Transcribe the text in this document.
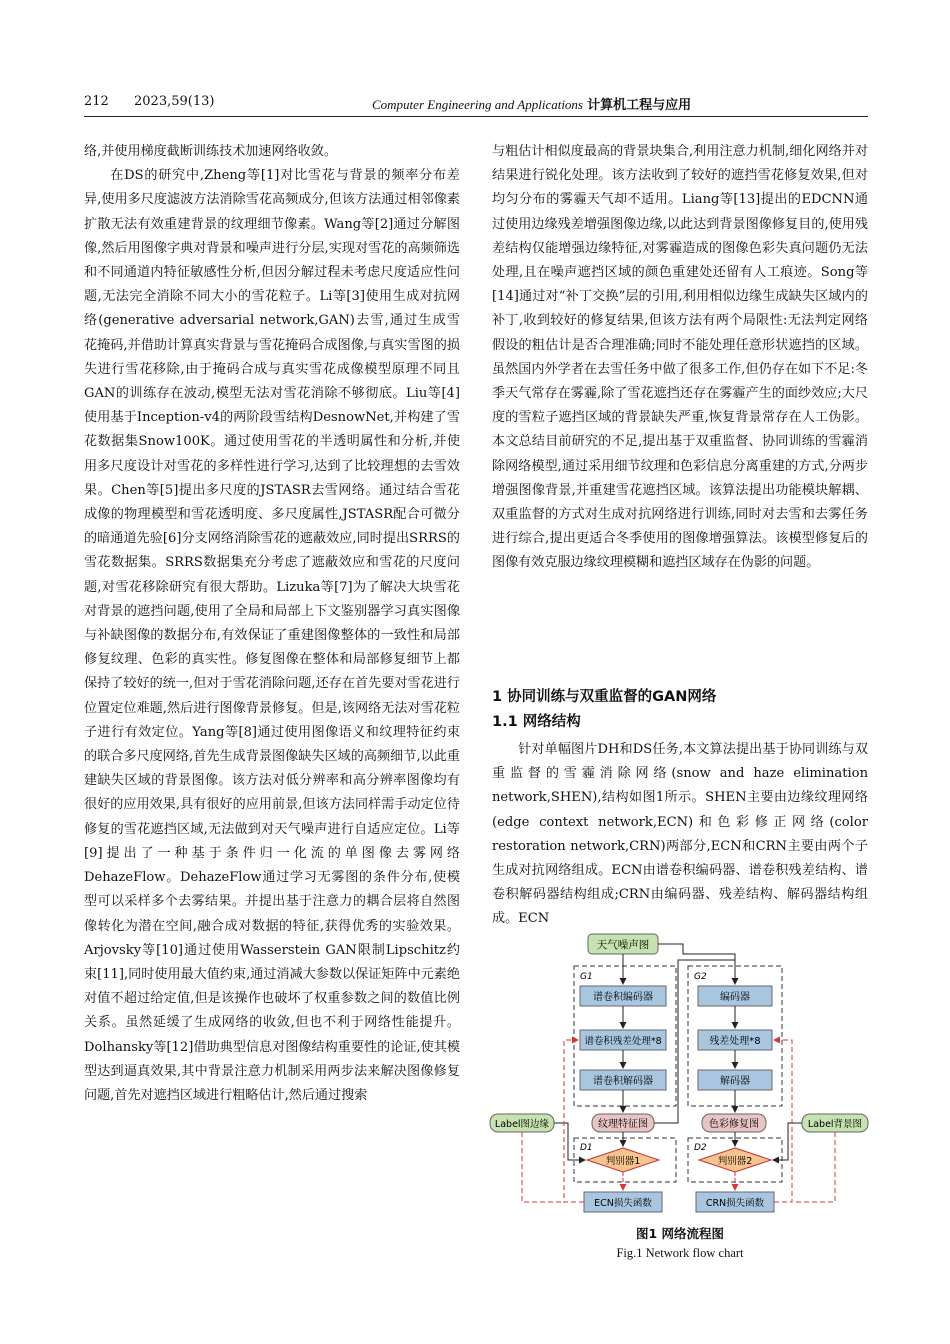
212 2023,59(13)	Computer Engineering and Applications 计算机工程与应用

络,并使用梯度截断训练技术加速网络收敛。

在DS的研究中,Zheng等[1]对比雪花与背景的频率分布差异,使用多尺度滤波方法消除雪花高频成分,但该方法通过相邻像素扩散无法有效重建背景的纹理细节像素。Wang等[2]通过分解图像,然后用图像字典对背景和噪声进行分层,实现对雪花的高频筛选和不同通道内特征敏感性分析,但因分解过程未考虑尺度适应性问题,无法完全消除不同大小的雪花粒子。Li等[3]使用生成对抗网络(generative adversarial network,GAN)去雪,通过生成雪花掩码,并借助计算真实背景与雪花掩码合成图像,与真实雪图的损失进行雪花移除,由于掩码合成与真实雪花成像模型原理不同且GAN的训练存在波动,模型无法对雪花消除不够彻底。Liu等[4]使用基于Inception-v4的两阶段雪结构DesnowNet,并构建了雪花数据集Snow100K。通过使用雪花的半透明属性和分析,并使用多尺度设计对雪花的多样性进行学习,达到了比较理想的去雪效果。Chen等[5]提出多尺度的JSTASR去雪网络。通过结合雪花成像的物理模型和雪花透明度、多尺度属性,JSTASR配合可微分的暗通道先验[6]分支网络消除雪花的遮蔽效应,同时提出SRRS的雪花数据集。SRRS数据集充分考虑了遮蔽效应和雪花的尺度问题,对雪花移除研究有很大帮助。Lizuka等[7]为了解决大块雪花对背景的遮挡问题,使用了全局和局部上下文鉴别器学习真实图像与补缺图像的数据分布,有效保证了重建图像整体的一致性和局部修复纹理、色彩的真实性。修复图像在整体和局部修复细节上都保持了较好的统一,但对于雪花消除问题,还存在首先要对雪花进行位置定位难题,然后进行图像背景修复。但是,该网络无法对雪花粒子进行有效定位。Yang等[8]通过使用图像语义和纹理特征约束的联合多尺度网络,首先生成背景图像缺失区域的高频细节,以此重建缺失区域的背景图像。该方法对低分辨率和高分辨率图像均有很好的应用效果,具有很好的应用前景,但该方法同样需手动定位待修复的雪花遮挡区域,无法做到对天气噪声进行自适应定位。Li等[9]提出了一种基于条件归一化流的单图像去雾网络DehazeFlow。DehazeFlow通过学习无雾图的条件分布,使模型可以采样多个去雾结果。并提出基于注意力的耦合层将自然图像转化为潜在空间,融合成对数据的特征,获得优秀的实验效果。Arjovsky等[10]通过使用Wasserstein GAN限制Lipschitz约束[11],同时使用最大值约束,通过消减大参数以保证矩阵中元素绝对值不超过给定值,但是该操作也破坏了权重参数之间的数值比例关系。虽然延缓了生成网络的收敛,但也不利于网络性能提升。Dolhansky等[12]借助典型信息对图像结构重要性的论证,使其模型达到逼真效果,其中背景注意力机制采用两步法来解决图像修复问题,首先对遮挡区域进行粗略估计,然后通过搜索

与粗估计相似度最高的背景块集合,利用注意力机制,细化网络并对结果进行锐化处理。该方法收到了较好的遮挡雪花修复效果,但对均匀分布的雾霾天气却不适用。Liang等[13]提出的EDCNN通过使用边缘残差增强图像边缘,以此达到背景图像修复目的,使用残差结构仅能增强边缘特征,对雾霾造成的图像色彩失真问题仍无法处理,且在噪声遮挡区域的颜色重建处还留有人工痕迹。Song等[14]通过对“补丁交换”层的引用,利用相似边缘生成缺失区域内的补丁,收到较好的修复结果,但该方法有两个局限性:无法判定网络假设的粗估计是否合理准确;同时不能处理任意形状遮挡的区域。虽然国内外学者在去雪任务中做了很多工作,但仍存在如下不足:冬季天气常存在雾霾,除了雪花遮挡还存在雾霾产生的面纱效应;大尺度的雪粒子遮挡区域的背景缺失严重,恢复背景常存在人工伪影。本文总结目前研究的不足,提出基于双重监督、协同训练的雪霾消除网络模型,通过采用细节纹理和色彩信息分离重建的方式,分两步增强图像背景,并重建雪花遮挡区域。该算法提出功能模块解耦、双重监督的方式对生成对抗网络进行训练,同时对去雪和去雾任务进行综合,提出更适合冬季使用的图像增强算法。该模型修复后的图像有效克服边缘纹理模糊和遮挡区域存在伪影的问题。

1 协同训练与双重监督的GAN网络
1.1 网络结构
针对单幅图片DH和DS任务,本文算法提出基于协同训练与双重监督的雪霾消除网络(snow and haze elimination network,SHEN),结构如图1所示。SHEN主要由边缘纹理网络(edge context network,ECN)和色彩修正网络(color restoration network,CRN)两部分,ECN和CRN主要由两个子生成对抗网络组成。ECN由谱卷积编码器、谱卷积残差结构、谱卷积解码器结构组成;CRN由编码器、残差结构、解码器结构组成。ECN
天气噪声图
G1	G2
谱卷积编码器
谱卷积残差处理*8
谱卷积解码器
编码器
残差处理*8
解码器
纹理特征图	色彩修复图
Label图边缘	Label背景图
D1	D2
判别器1	判别器2
ECN损失函数	CRN损失函数
图1 网络流程图
Fig.1 Network flow chart
